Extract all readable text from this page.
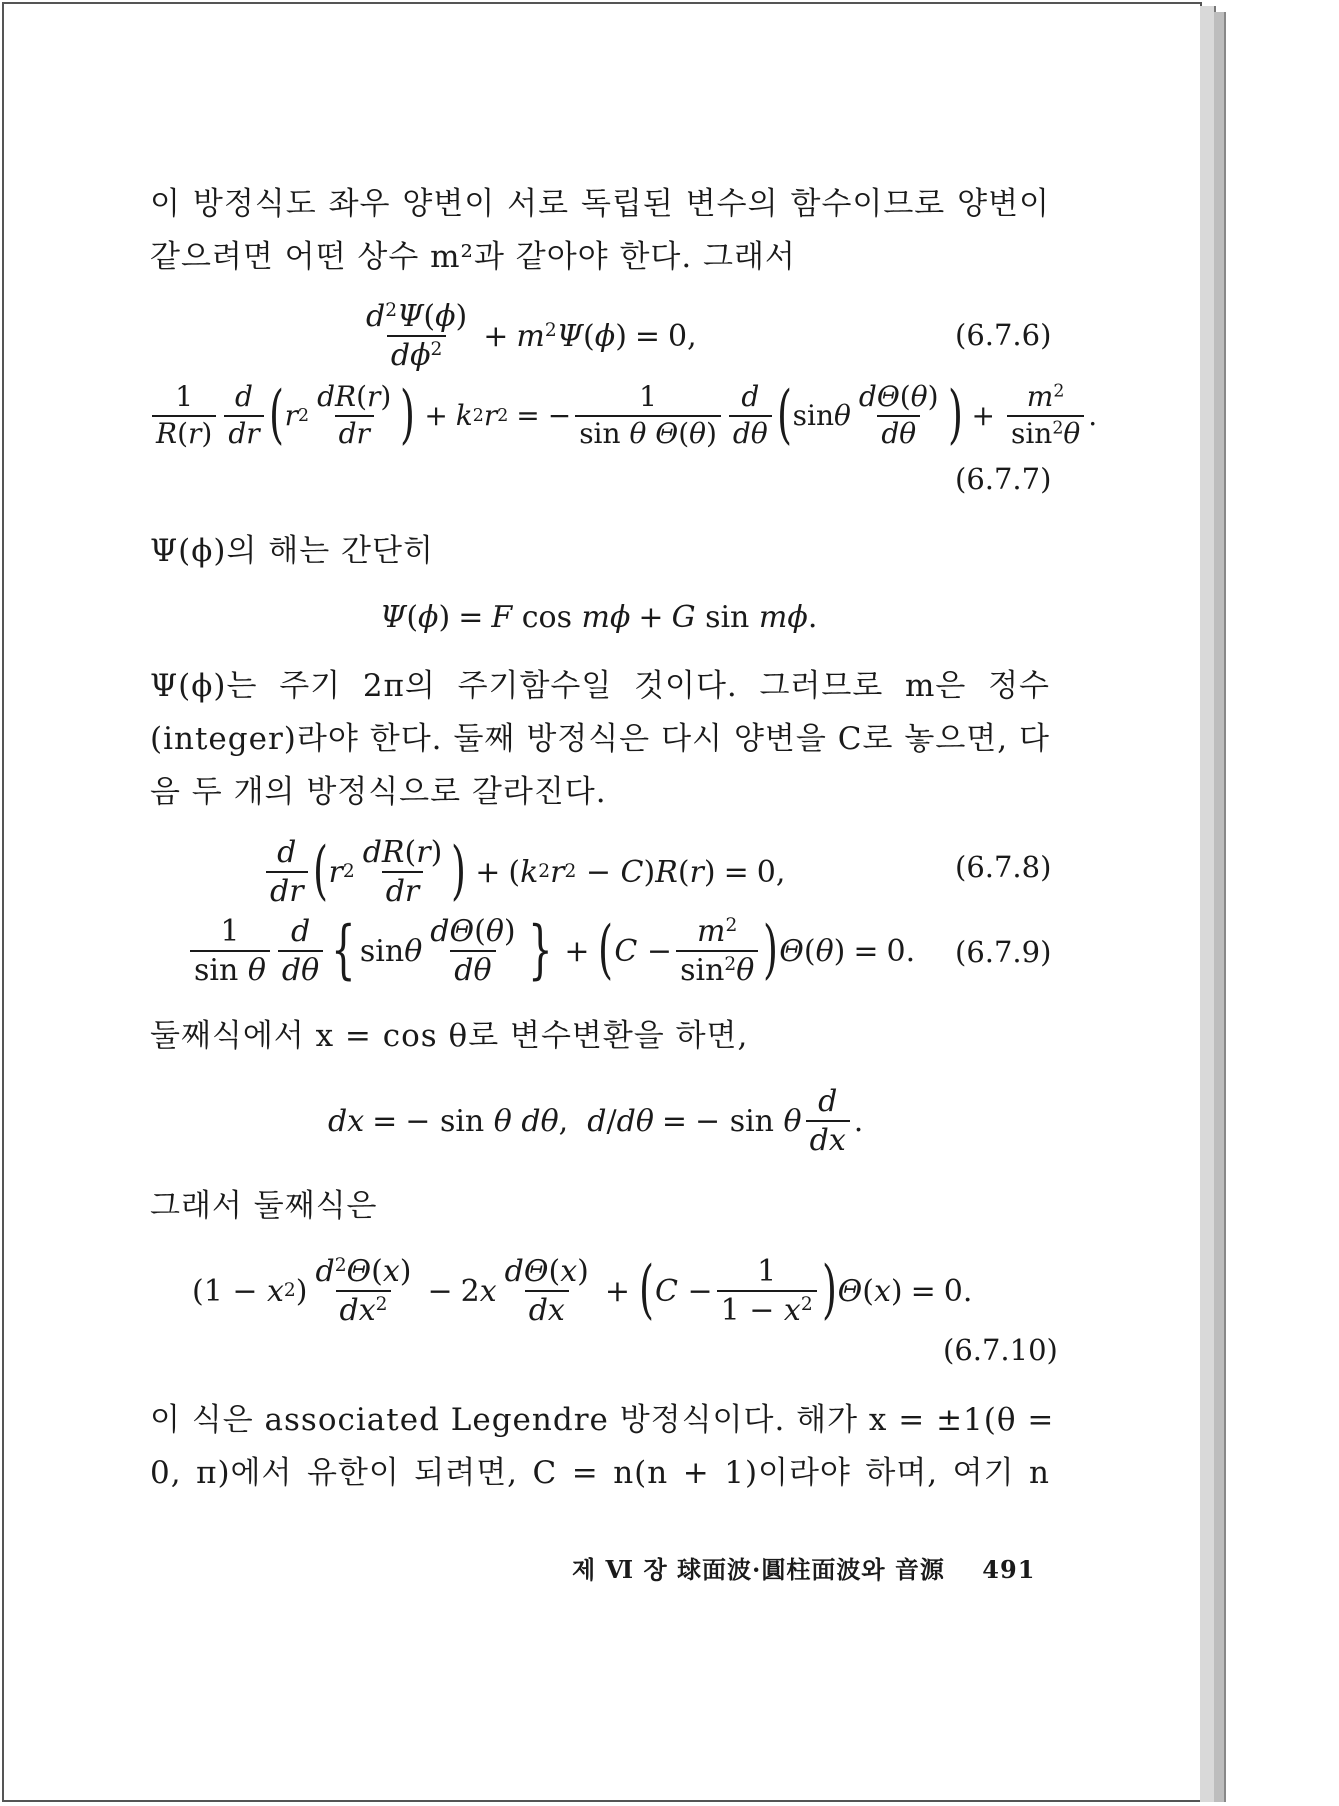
이 방정식도 좌우 양변이 서로 독립된 변수의 함수이므로 양변이
같으려면 어떤 상수 m²과 같아야 한다. 그래서
$\frac{d^2\Psi(\phi)}{d\phi^2} + m^2\Psi(\phi) = 0$,	(6.7.6)
$\frac{1}{R(r)} \frac{d}{dr}$ ( r $2 \frac{dR(r)}{dr}$ ) + k 2 r 2 = − $\frac{1}{\text{sin θ Θ(θ)}} \frac{d}{d\theta}$ ( sin θ $\frac{d\Theta(\theta)}{d\theta}$ ) + $\frac{m^2}{\sin^2\theta}$ .
(6.7.7)
Ψ(ϕ)의 해는 간단히
Ψ ( ϕ ) = F cos mϕ + G sin mϕ .
Ψ(ϕ)는 주기 2π의 주기함수일 것이다. 그러므로 m은 정수
(integer)라야 한다. 둘째 방정식은 다시 양변을 C로 놓으면, 다
음 두 개의 방정식으로 갈라진다.
$\frac{d}{dr}$ ( r $2 \frac{dR(r)}{dr}$ ) + ( k 2 r 2 − C ) R ( r ) = 0,	(6.7.8)
$\frac{1}{\text{sin θ}} \frac{d}{d\theta}$ { sin θ $\frac{d\Theta(\theta)}{d\theta}$ } + ( $C - \frac{m^2}{\sin^2\theta}$ ) Θ ( θ ) = 0. (6.7.9)
둘째식에서 x = cos θ로 변수변환을 하면,
dx = − sin θ
dθ , d / dθ = − sin θ $\frac{d}{dx}$ .
그래서 둘째식은
(1 − x 2 ) $\frac{d^2\Theta(x)}{dx^2} - 2$ x $\frac{d\Theta(x)}{dx}$ + ( $C - \frac{1}{1 - x^2}$ ) Θ ( x ) = 0.
(6.7.10)
이 식은 associated Legendre 방정식이다. 해가 x = ±1(θ =
0, π)에서 유한이 되려면, C = n(n + 1)이라야 하며, 여기 n
제 Ⅵ 장 球面波·圓柱面波와 音源 491
